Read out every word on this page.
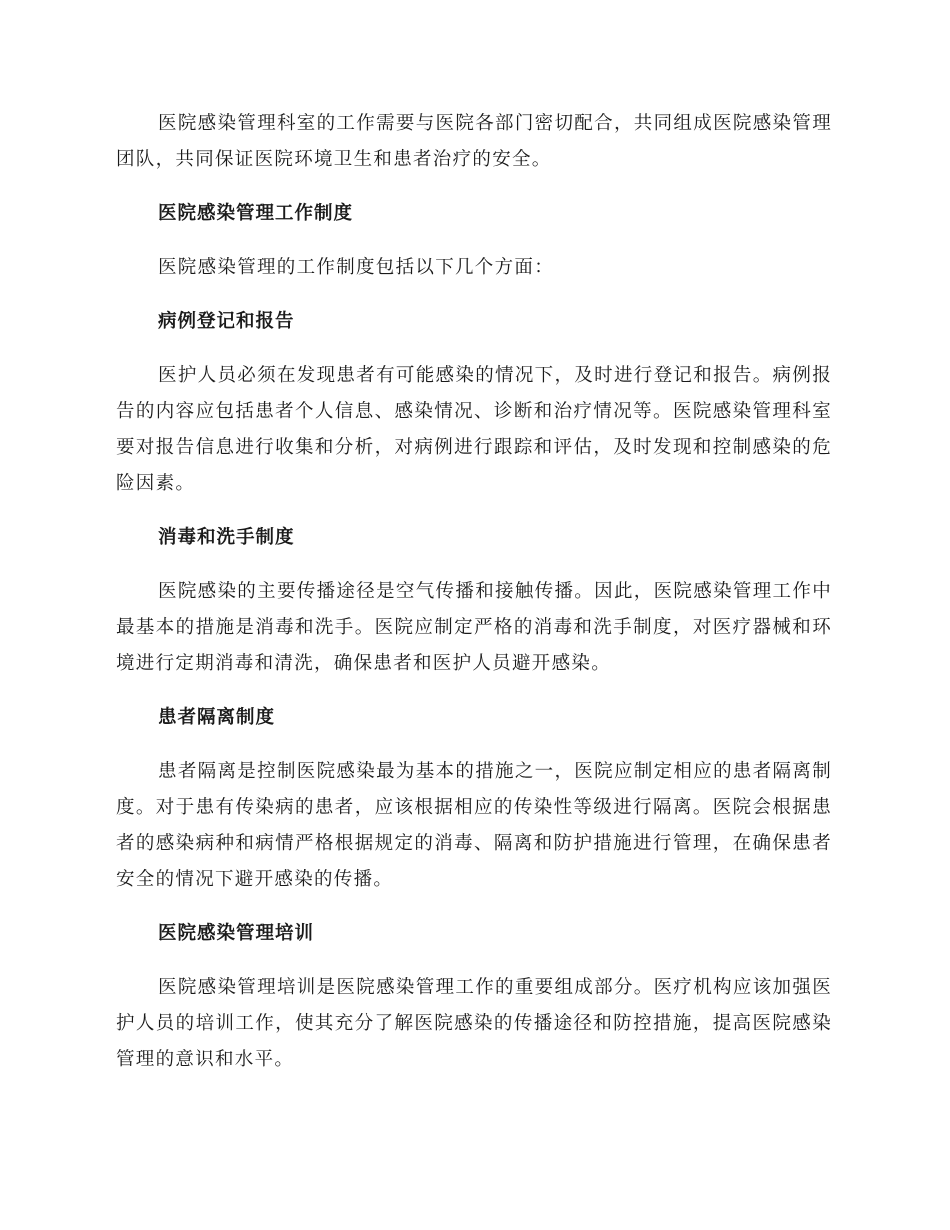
医院感染管理科室的工作需要与医院各部门密切配合，共同组成医院感染管理团队，共同保证医院环境卫生和患者治疗的安全。

医院感染管理工作制度

医院感染管理的工作制度包括以下几个方面：

病例登记和报告

医护人员必须在发现患者有可能感染的情况下，及时进行登记和报告。病例报告的内容应包括患者个人信息、感染情况、诊断和治疗情况等。医院感染管理科室要对报告信息进行收集和分析，对病例进行跟踪和评估，及时发现和控制感染的危险因素。

消毒和洗手制度

医院感染的主要传播途径是空气传播和接触传播。因此，医院感染管理工作中最基本的措施是消毒和洗手。医院应制定严格的消毒和洗手制度，对医疗器械和环境进行定期消毒和清洗，确保患者和医护人员避开感染。

患者隔离制度

患者隔离是控制医院感染最为基本的措施之一，医院应制定相应的患者隔离制度。对于患有传染病的患者，应该根据相应的传染性等级进行隔离。医院会根据患者的感染病种和病情严格根据规定的消毒、隔离和防护措施进行管理，在确保患者安全的情况下避开感染的传播。

医院感染管理培训

医院感染管理培训是医院感染管理工作的重要组成部分。医疗机构应该加强医护人员的培训工作，使其充分了解医院感染的传播途径和防控措施，提高医院感染管理的意识和水平。
